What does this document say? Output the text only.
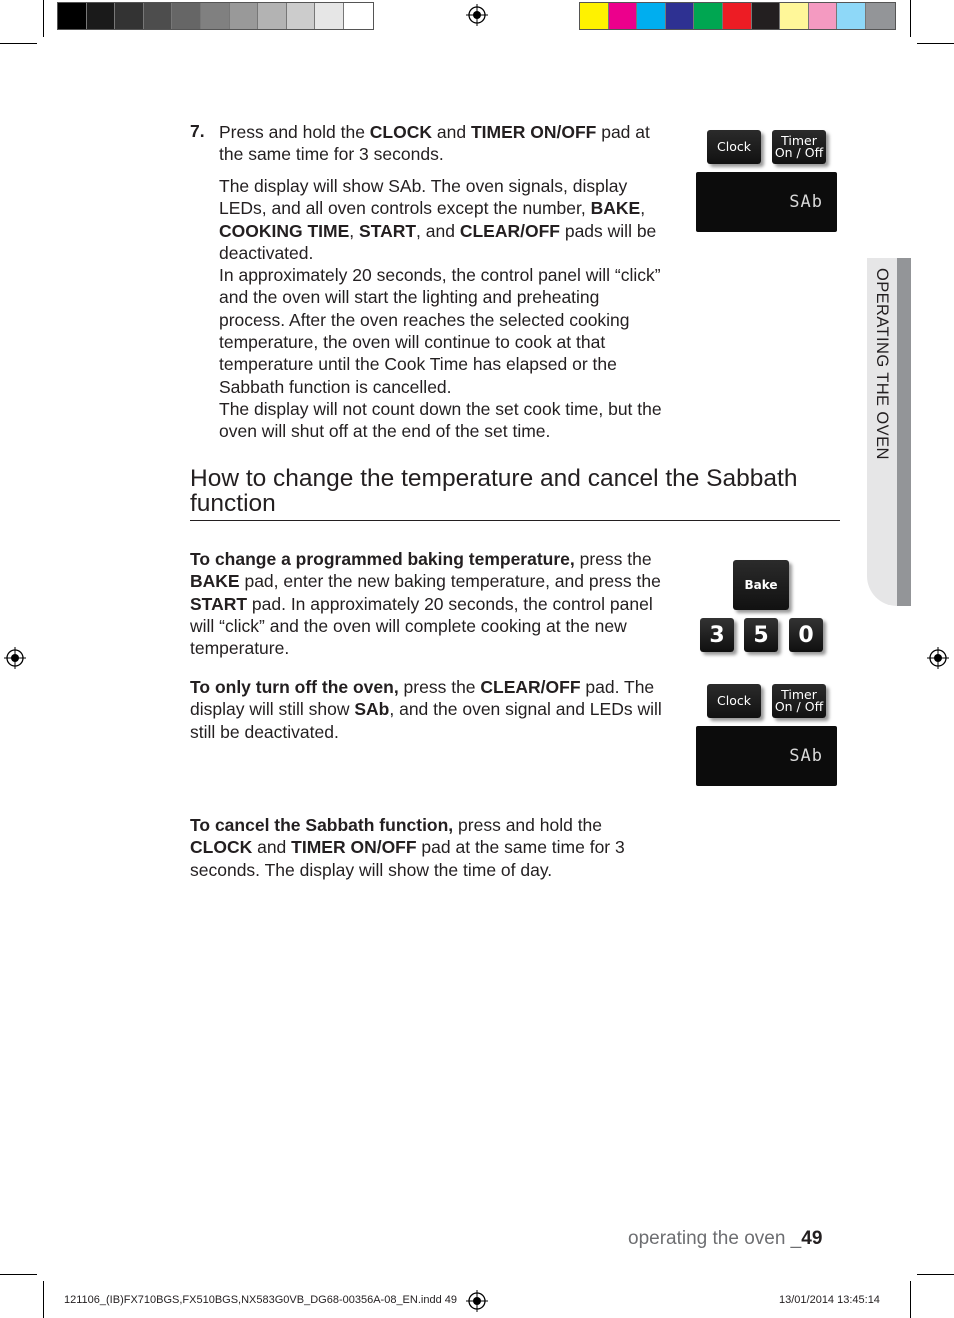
OPERATING THE OVEN
7. Press and hold the CLOCK and TIMER ON/OFF pad at the same time for 3 seconds.
The display will show SAb. The oven signals, display LEDs, and all oven controls except the number, BAKE, COOKING TIME, START, and CLEAR/OFF pads will be deactivated.
In approximately 20 seconds, the control panel will “click” and the oven will start the lighting and preheating process. After the oven reaches the selected cooking temperature, the oven will continue to cook at that temperature until the Cook Time has elapsed or the Sabbath function is cancelled.
The display will not count down the set cook time, but the oven will shut off at the end of the set time.
Clock	Timer
On / Off
SAb
How to change the temperature and cancel the Sabbath function
To change a programmed baking temperature, press the BAKE pad, enter the new baking temperature, and press the START pad. In approximately 20 seconds, the control panel will “click” and the oven will complete cooking at the new temperature.
Bake
3	5	0
To only turn off the oven, press the CLEAR/OFF pad. The display will still show SAb, and the oven signal and LEDs will still be deactivated.
Clock	Timer
On / Off
SAb
To cancel the Sabbath function, press and hold the CLOCK and TIMER ON/OFF pad at the same time for 3 seconds. The display will show the time of day.
operating the oven _49
121106_(IB)FX710BGS,FX510BGS,NX583G0VB_DG68-00356A-08_EN.indd 49	13/01/2014 13:45:14
